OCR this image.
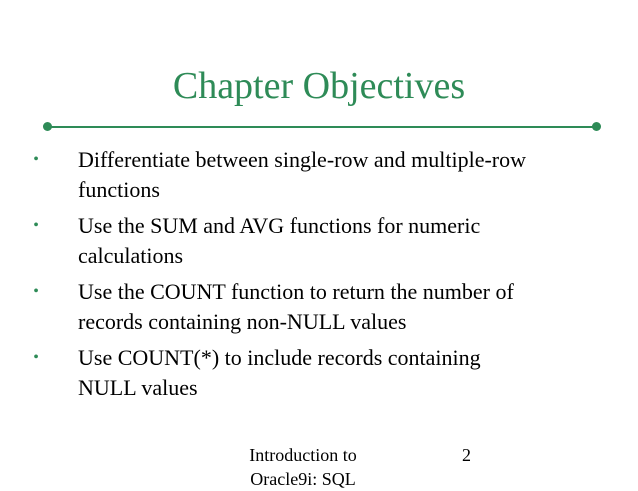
Chapter Objectives
•	Differentiate between single-row and multiple-row
functions
•	Use the SUM and AVG functions for numeric
calculations
•	Use the COUNT function to return the number of
records containing non-NULL values
•	Use COUNT(*) to include records containing
NULL values
Introduction to
Oracle9i: SQL
2
